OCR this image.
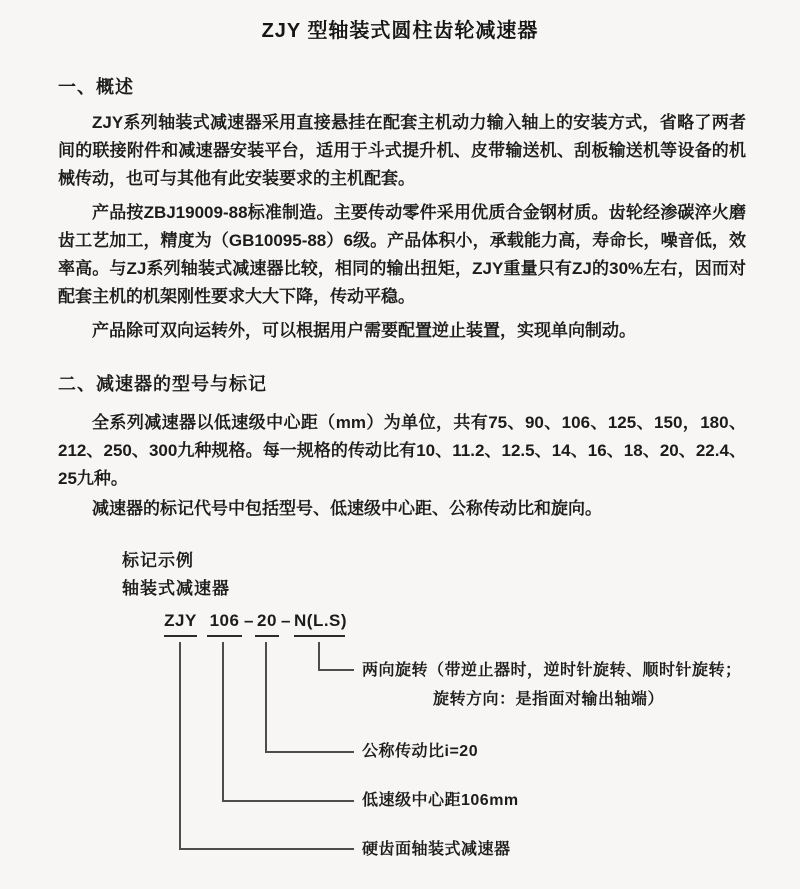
ZJY 型轴装式圆柱齿轮减速器
一、概述

ZJY系列轴装式减速器采用直接悬挂在配套主机动力输入轴上的安装方式，省略了两者间的联接附件和减速器安装平台，适用于斗式提升机、皮带输送机、刮板输送机等设备的机械传动，也可与其他有此安装要求的主机配套。

产品按ZBJ19009-88标准制造。主要传动零件采用优质合金钢材质。齿轮经渗碳淬火磨齿工艺加工，精度为（GB10095-88）6级。产品体积小，承载能力高，寿命长，噪音低，效率高。与ZJ系列轴装式减速器比较，相同的输出扭矩，ZJY重量只有ZJ的30%左右，因而对配套主机的机架刚性要求大大下降，传动平稳。

产品除可双向运转外，可以根据用户需要配置逆止装置，实现单向制动。

二、减速器的型号与标记

全系列减速器以低速级中心距（mm）为单位，共有75、90、106、125、150，180、212、250、300九种规格。每一规格的传动比有10、11.2、12.5、14、16、18、20、22.4、25九种。

减速器的标记代号中包括型号、低速级中心距、公称传动比和旋向。

标记示例
轴装式减速器
ZJY 106 – 20 – N(L.S)
两向旋转（带逆止器时，逆时针旋转、顺时针旋转；
旋转方向：是指面对输出轴端）
公称传动比i=20
低速级中心距106mm
硬齿面轴装式减速器
